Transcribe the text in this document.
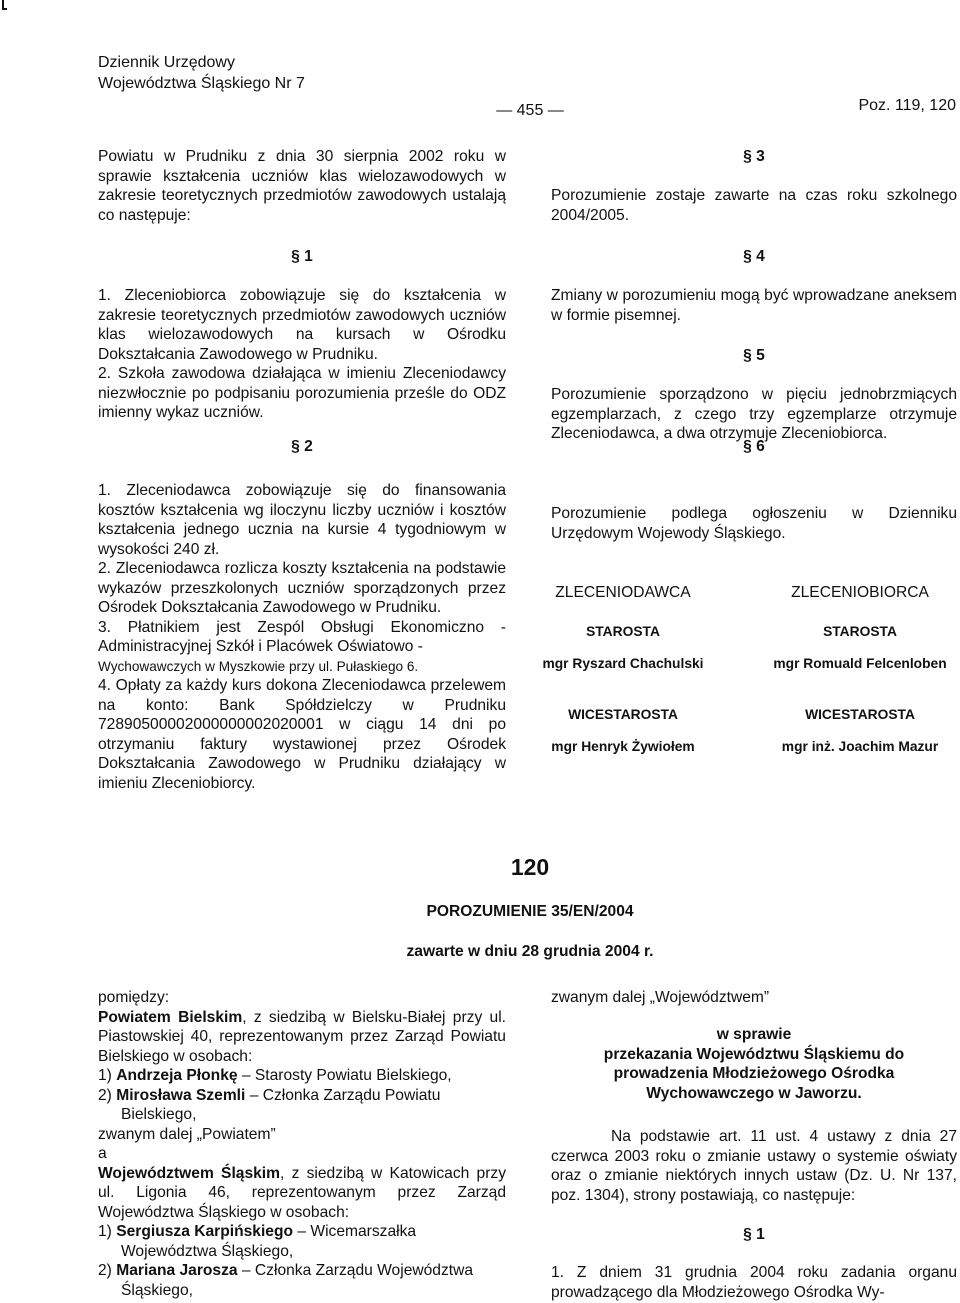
Dziennik Urzędowy
Województwa Śląskiego Nr 7
— 455 —	Poz. 119, 120
Powiatu w Prudniku z dnia 30 sierpnia 2002 roku w sprawie kształcenia uczniów klas wielozawodowych w zakresie teoretycznych przedmiotów zawodowych ustalają co następuje:
§ 1

1. Zleceniobiorca zobowiązuje się do kształcenia w zakresie teoretycznych przedmiotów zawodowych uczniów klas wielozawodowych na kursach w Ośrodku Dokształcania Zawodowego w Prudniku.

2. Szkoła zawodowa działająca w imieniu Zleceniodawcy niezwłocznie po podpisaniu porozumienia prześle do ODZ imienny wykaz uczniów.

§ 2

1. Zleceniodawca zobowiązuje się do finansowania kosztów kształcenia wg iloczynu liczby uczniów i kosztów kształcenia jednego ucznia na kursie 4 tygodniowym w wysokości 240 zł.

2. Zleceniodawca rozlicza koszty kształcenia na podstawie wykazów przeszkolonych uczniów sporządzonych przez Ośrodek Dokształcania Zawodowego w Prudniku.

3. Płatnikiem jest Zespól Obsługi Ekonomiczno - Administracyjnej Szkół i Placówek Oświatowo -

Wychowawczych w Myszkowie przy ul. Pułaskiego 6.

4. Opłaty za każdy kurs dokona Zleceniodawca przelewem na konto: Bank Spółdzielczy w Prudniku 72890500002000000002020001 w ciągu 14 dni po otrzymaniu faktury wystawionej przez Ośrodek Dokształcania Zawodowego w Prudniku działający w imieniu Zleceniobiorcy.

§ 3
Porozumienie zostaje zawarte na czas roku szkolnego 2004/2005.
§ 4
Zmiany w porozumieniu mogą być wprowadzane aneksem w formie pisemnej.
§ 5
Porozumienie sporządzono w pięciu jednobrzmiących egzemplarzach, z czego trzy egzemplarze otrzymuje Zleceniodawca, a dwa otrzymuje Zleceniobiorca.
§ 6
Porozumienie podlega ogłoszeniu w Dzienniku Urzędowym Wojewody Śląskiego.
ZLECENIODAWCA
STAROSTA
mgr Ryszard Chachulski
WICESTAROSTA
mgr Henryk Żywiołem
ZLECENIOBIORCA
STAROSTA
mgr Romuald Felcenloben
WICESTAROSTA
mgr inż. Joachim Mazur
120
POROZUMIENIE 35/EN/2004
zawarte w dniu 28 grudnia 2004 r.

pomiędzy:

Powiatem Bielskim, z siedzibą w Bielsku-Białej przy ul. Piastowskiej 40, reprezentowanym przez Zarząd Powiatu Bielskiego w osobach:

1) Andrzeja Płonkę – Starosty Powiatu Bielskiego,

2) Mirosława Szemli – Członka Zarządu Powiatu Bielskiego,

zwanym dalej „Powiatem”

a

Województwem Śląskim, z siedzibą w Katowicach przy ul. Ligonia 46, reprezentowanym przez Zarząd Województwa Śląskiego w osobach:

1) Sergiusza Karpińskiego – Wicemarszałka Województwa Śląskiego,

2) Mariana Jarosza – Członka Zarządu Województwa Śląskiego,

zwanym dalej „Województwem”

w sprawie

przekazania Województwu Śląskiemu do prowadzenia Młodzieżowego Ośrodka Wychowawczego w Jaworzu.

Na podstawie art. 11 ust. 4 ustawy z dnia 27 czerwca 2003 roku o zmianie ustawy o systemie oświaty oraz o zmianie niektórych innych ustaw (Dz. U. Nr 137, poz. 1304), strony postawiają, co następuje:
§ 1
1. Z dniem 31 grudnia 2004 roku zadania organu prowadzącego dla Młodzieżowego Ośrodka Wy-
